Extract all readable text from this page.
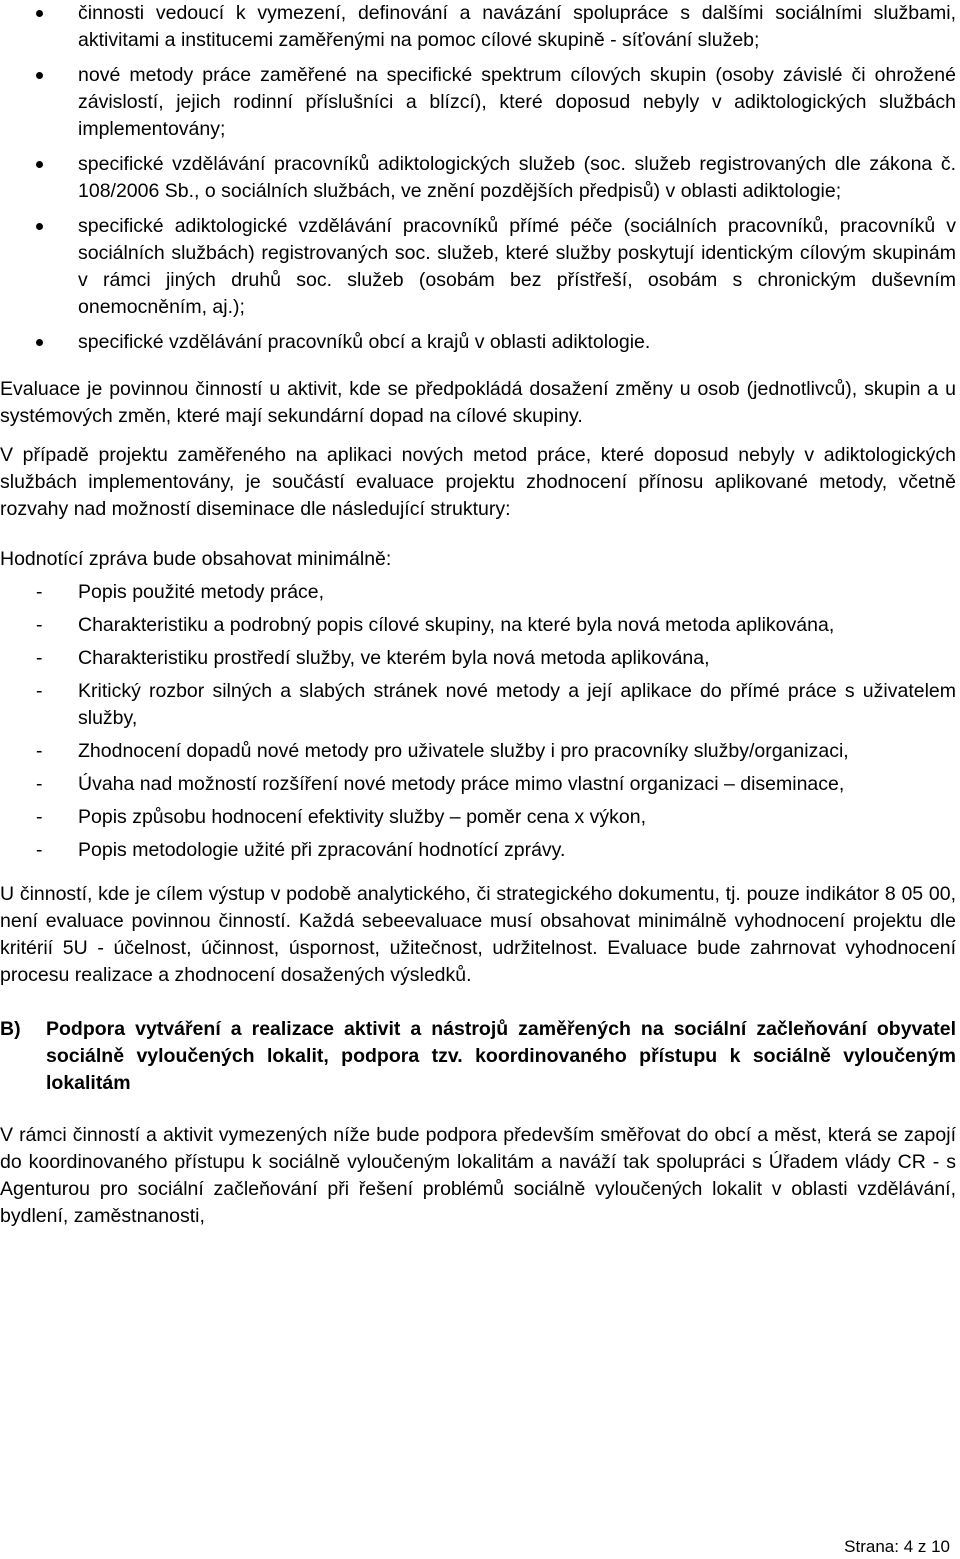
činnosti vedoucí k vymezení, definování a navázání spolupráce s dalšími sociálními službami, aktivitami a institucemi zaměřenými na pomoc cílové skupině - síťování služeb;
nové metody práce zaměřené na specifické spektrum cílových skupin (osoby závislé či ohrožené závislostí, jejich rodinní příslušníci a blízcí), které doposud nebyly v adiktologických službách implementovány;
specifické vzdělávání pracovníků adiktologických služeb (soc. služeb registrovaných dle zákona č. 108/2006 Sb., o sociálních službách, ve znění pozdějších předpisů) v oblasti adiktologie;
specifické adiktologické vzdělávání pracovníků přímé péče (sociálních pracovníků, pracovníků v sociálních službách) registrovaných soc. služeb, které služby poskytují identickým cílovým skupinám v rámci jiných druhů soc. služeb (osobám bez přístřeší, osobám s chronickým duševním onemocněním, aj.);
specifické vzdělávání pracovníků obcí a krajů v oblasti adiktologie.

Evaluace je povinnou činností u aktivit, kde se předpokládá dosažení změny u osob (jednotlivců), skupin a u systémových změn, které mají sekundární dopad na cílové skupiny.

V případě projektu zaměřeného na aplikaci nových metod práce, které doposud nebyly v adiktologických službách implementovány, je součástí evaluace projektu zhodnocení přínosu aplikované metody, včetně rozvahy nad možností diseminace dle následující struktury:

Hodnotící zpráva bude obsahovat minimálně:

- Popis použité metody práce,
- Charakteristiku a podrobný popis cílové skupiny, na které byla nová metoda aplikována,
- Charakteristiku prostředí služby, ve kterém byla nová metoda aplikována,
- Kritický rozbor silných a slabých stránek nové metody a její aplikace do přímé práce s uživatelem služby,
- Zhodnocení dopadů nové metody pro uživatele služby i pro pracovníky služby/organizaci,
- Úvaha nad možností rozšíření nové metody práce mimo vlastní organizaci – diseminace,
- Popis způsobu hodnocení efektivity služby – poměr cena x výkon,
- Popis metodologie užité při zpracování hodnotící zprávy.

U činností, kde je cílem výstup v podobě analytického, či strategického dokumentu, tj. pouze indikátor 8 05 00, není evaluace povinnou činností. Každá sebeevaluace musí obsahovat minimálně vyhodnocení projektu dle kritérií 5U - účelnost, účinnost, úspornost, užitečnost, udržitelnost. Evaluace bude zahrnovat vyhodnocení procesu realizace a zhodnocení dosažených výsledků.

B) Podpora vytváření a realizace aktivit a nástrojů zaměřených na sociální začleňování obyvatel sociálně vyloučených lokalit, podpora tzv. koordinovaného přístupu k sociálně vyloučeným lokalitám

V rámci činností a aktivit vymezených níže bude podpora především směřovat do obcí a měst, která se zapojí do koordinovaného přístupu k sociálně vyloučeným lokalitám a naváží tak spolupráci s Úřadem vlády CR - s Agenturou pro sociální začleňování při řešení problémů sociálně vyloučených lokalit v oblasti vzdělávání, bydlení, zaměstnanosti,

Strana: 4 z 10
